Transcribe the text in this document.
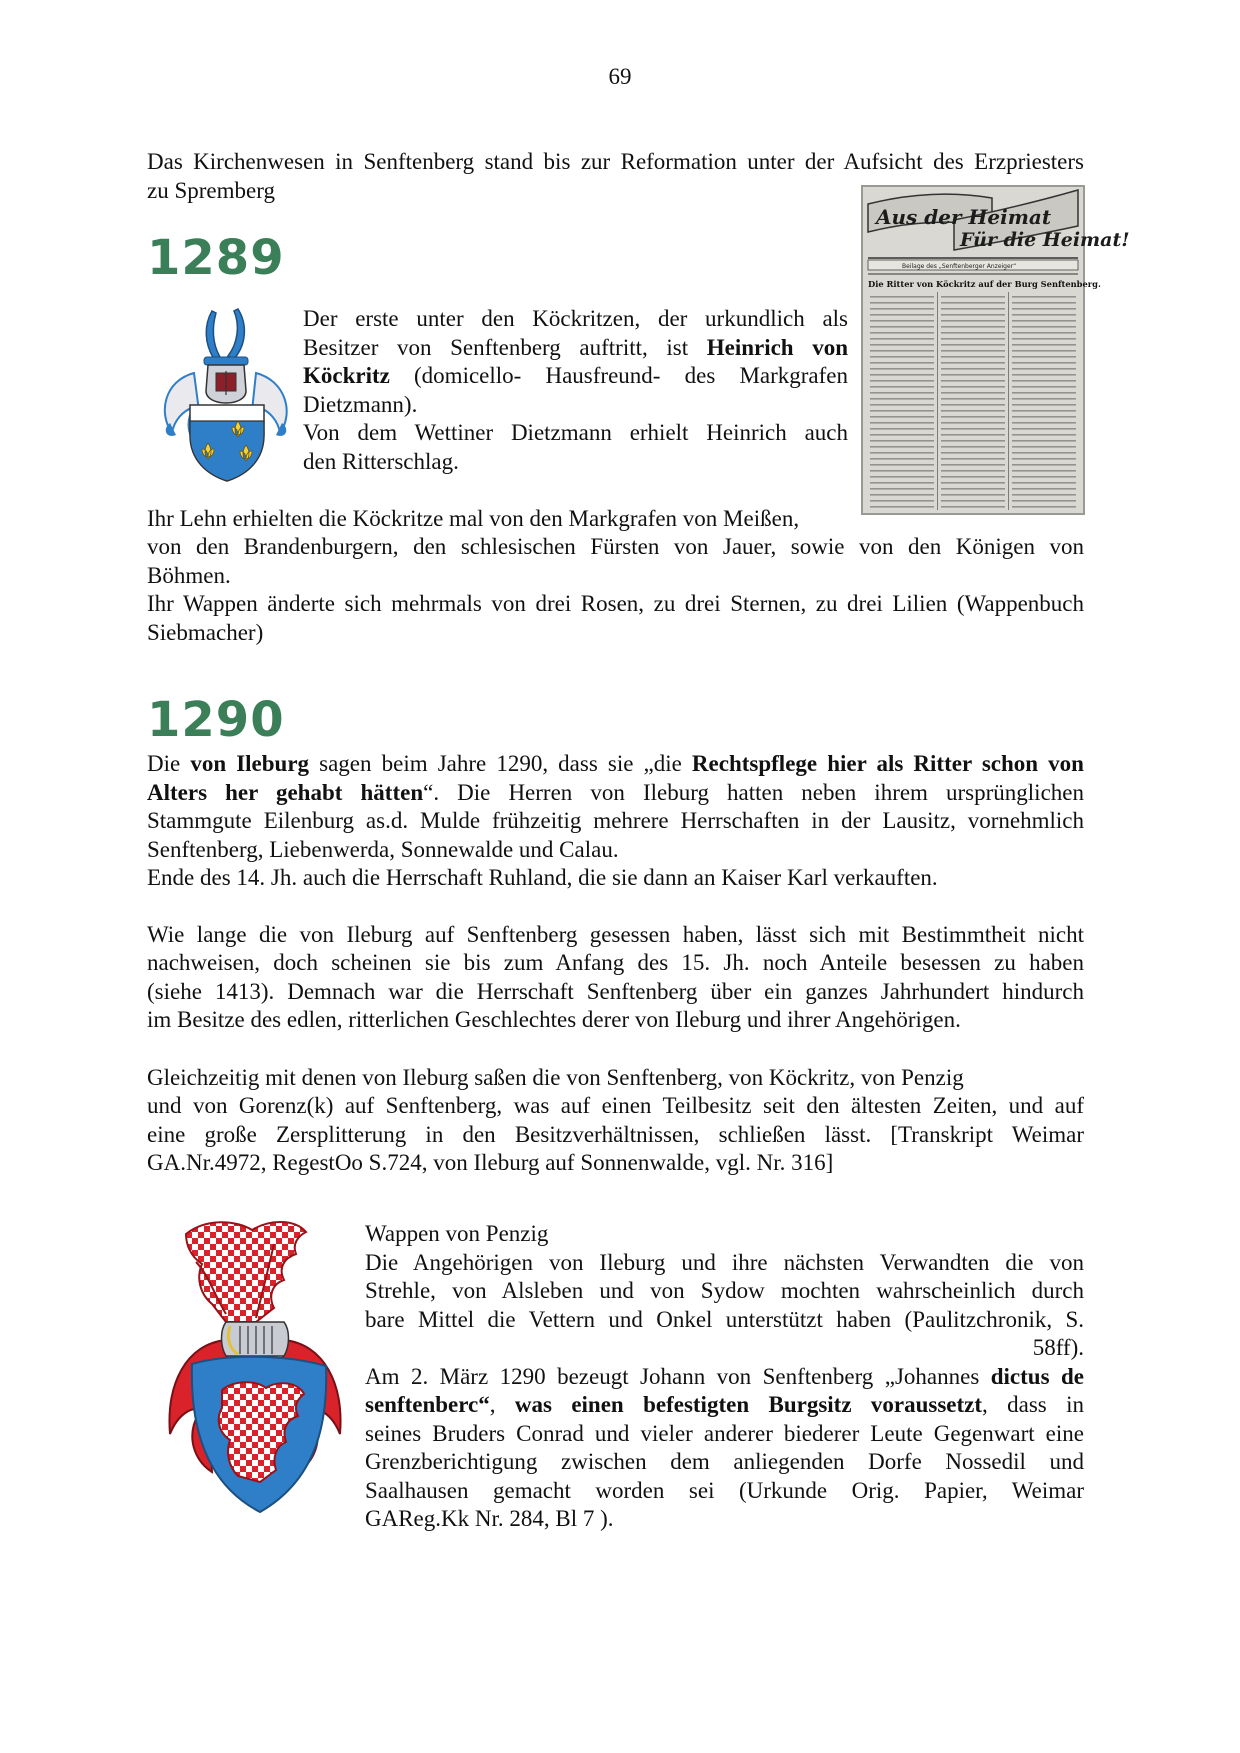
69
Das Kirchenwesen in Senftenberg stand bis zur Reformation unter der Aufsicht des Erzpriesters
zu Spremberg
Aus der Heimat
Für die Heimat!
Beilage des „Senftenberger Anzeiger“
Die Ritter von Köckritz auf der Burg Senftenberg.
1289
Der erste unter den Köckritzen, der urkundlich als
Besitzer von Senftenberg auftritt, ist Heinrich von
Köckritz (domicello- Hausfreund- des Markgrafen
Dietzmann).
Von dem Wettiner Dietzmann erhielt Heinrich auch
den Ritterschlag.
Ihr Lehn erhielten die Köckritze mal von den Markgrafen von Meißen,
von den Brandenburgern, den schlesischen Fürsten von Jauer, sowie von den Königen von
Böhmen.
Ihr Wappen änderte sich mehrmals von drei Rosen, zu drei Sternen, zu drei Lilien (Wappenbuch
Siebmacher)
1290
Die von Ileburg sagen beim Jahre 1290, dass sie „die Rechtspflege hier als Ritter schon von
Alters her gehabt hätten“. Die Herren von Ileburg hatten neben ihrem ursprünglichen
Stammgute Eilenburg as.d. Mulde frühzeitig mehrere Herrschaften in der Lausitz, vornehmlich
Senftenberg, Liebenwerda, Sonnewalde und Calau.
Ende des 14. Jh. auch die Herrschaft Ruhland, die sie dann an Kaiser Karl verkauften.
Wie lange die von Ileburg auf Senftenberg gesessen haben, lässt sich mit Bestimmtheit nicht
nachweisen, doch scheinen sie bis zum Anfang des 15. Jh. noch Anteile besessen zu haben
(siehe 1413). Demnach war die Herrschaft Senftenberg über ein ganzes Jahrhundert hindurch
im Besitze des edlen, ritterlichen Geschlechtes derer von Ileburg und ihrer Angehörigen.
Gleichzeitig mit denen von Ileburg saßen die von Senftenberg, von Köckritz, von Penzig
und von Gorenz(k) auf Senftenberg, was auf einen Teilbesitz seit den ältesten Zeiten, und auf
eine große Zersplitterung in den Besitzverhältnissen, schließen lässt. [Transkript Weimar
GA.Nr.4972, RegestOo S.724, von Ileburg auf Sonnenwalde, vgl. Nr. 316]
Wappen von Penzig
Die Angehörigen von Ileburg und ihre nächsten Verwandten die von
Strehle, von Alsleben und von Sydow mochten wahrscheinlich durch
bare Mittel die Vettern und Onkel unterstützt haben (Paulitzchronik, S.
58ff).
Am 2. März 1290 bezeugt Johann von Senftenberg „Johannes dictus de
senftenberc“, was einen befestigten Burgsitz voraussetzt, dass in
seines Bruders Conrad und vieler anderer biederer Leute Gegenwart eine
Grenzberichtigung zwischen dem anliegenden Dorfe Nossedil und
Saalhausen gemacht worden sei (Urkunde Orig. Papier, Weimar
GAReg.Kk Nr. 284, Bl 7 ).
